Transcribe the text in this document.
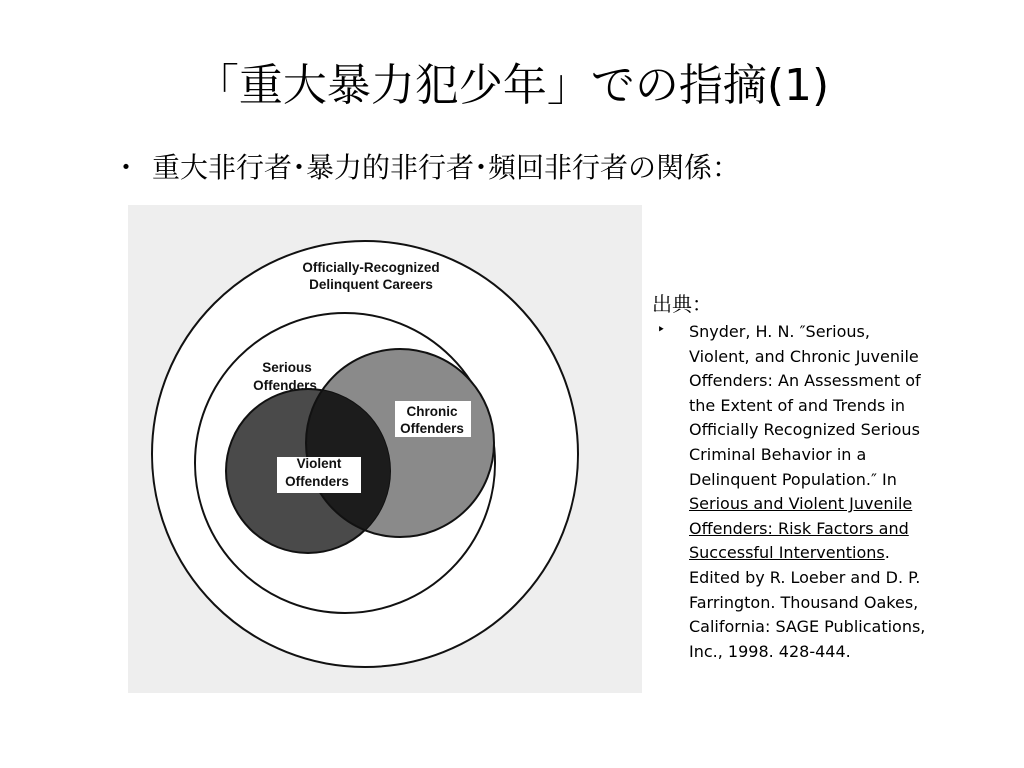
「重大暴力犯少年」での指摘(1)
・ 重大非行者･暴力的非行者･頻回非行者の関係：
Officially-Recognized
Delinquent Careers
Serious
Offenders
Chronic
Offenders
Violent
Offenders

出典：

‣ Snyder, H. N. ″Serious,
Violent, and Chronic Juvenile
Offenders: An Assessment of
the Extent of and Trends in
Officially Recognized Serious
Criminal Behavior in a
Delinquent Population.″ In
Serious and Violent Juvenile
Offenders: Risk Factors and
Successful Interventions.
Edited by R. Loeber and D. P.
Farrington. Thousand Oakes,
California: SAGE Publications,
Inc., 1998. 428-444.
